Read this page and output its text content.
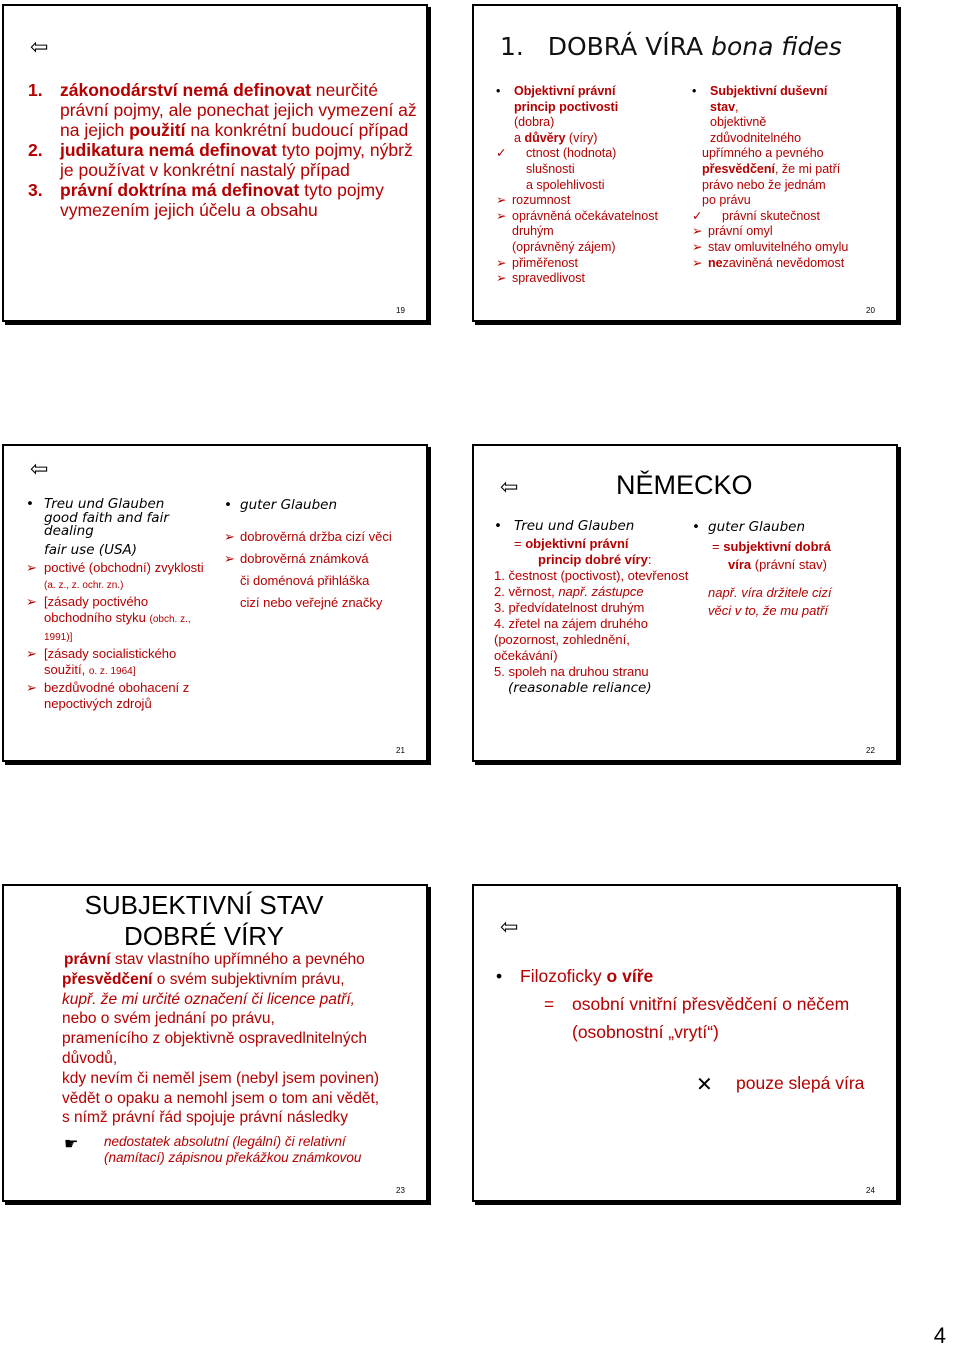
⇦
1. zákonodárství nemá definovat neurčité právní pojmy, ale ponechat jejich vymezení až na jejich použití na konkrétní budoucí případ
2. judikatura nemá definovat tyto pojmy, nýbrž je používat v konkrétní nastalý případ
3. právní doktrína má definovat tyto pojmy vymezením jejich účelu a obsahu
19
1. DOBRÁ VÍRA bona fides
• Objektivní právní
princip poctivosti
(dobra)
a důvěry (víry)
✓ ctnost (hodnota)
slušnosti
a spolehlivosti
➢ rozumnost
➢ oprávněná očekávatelnost
druhým
(oprávněný zájem)
➢ přiměřenost
➢ spravedlivost
• Subjektivní duševní
stav,
objektivně
zdůvodnitelného
upřímného a pevného
přesvědčení, že mi patří
právo nebo že jednám
po právu
✓ právní skutečnost
➢ právní omyl
➢ stav omluvitelného omylu
➢ nezaviněná nevědomost
20
⇦
• Treu und Glauben
good faith and fair dealing
fair use (USA)
➢ poctivé (obchodní) zvyklosti (a. z., z. ochr. zn.)
➢ [zásady poctivého obchodního styku (obch. z., 1991)]
➢ [zásady socialistického soužití, o. z. 1964]
➢ bezdůvodné obohacení z nepoctivých zdrojů
• guter Glauben
➢ dobrověrná držba cizí věci
➢ dobrověrná známková
či doménová přihláška
cizí nebo veřejné značky
21
⇦	NĚMECKO
• Treu und Glauben
= objektivní právní
princip dobré víry:
1. čestnost (poctivost), otevřenost
2. věrnost, např. zástupce
3. předvídatelnost druhým
4. zřetel na zájem druhého (pozornost, zohlednění, očekávání)
5. spoleh na druhou stranu
(reasonable reliance)
• guter Glauben
= subjektivní dobrá
víra (právní stav)
např. víra držitele cizí
věci v to, že mu patří
22
SUBJEKTIVNÍ STAV
DOBRÉ VÍRY
právní stav vlastního upřímného a pevného
přesvědčení o svém subjektivním právu,
kupř. že mi určité označení či licence patří,
nebo o svém jednání po právu,
pramenícího z objektivně ospravedlnitelných
důvodů,
kdy nevím či neměl jsem (nebyl jsem povinen)
vědět o opaku a nemohl jsem o tom ani vědět,
s nímž právní řád spojuje právní následky
☛ nedostatek absolutní (legální) či relativní
(namítací) zápisnou překážkou známkovou
23
⇦
• Filozoficky o víře
= osobní vnitřní přesvědčení o něčem
(osobnostní „vrytí“)
✕ pouze slepá víra
24
4
